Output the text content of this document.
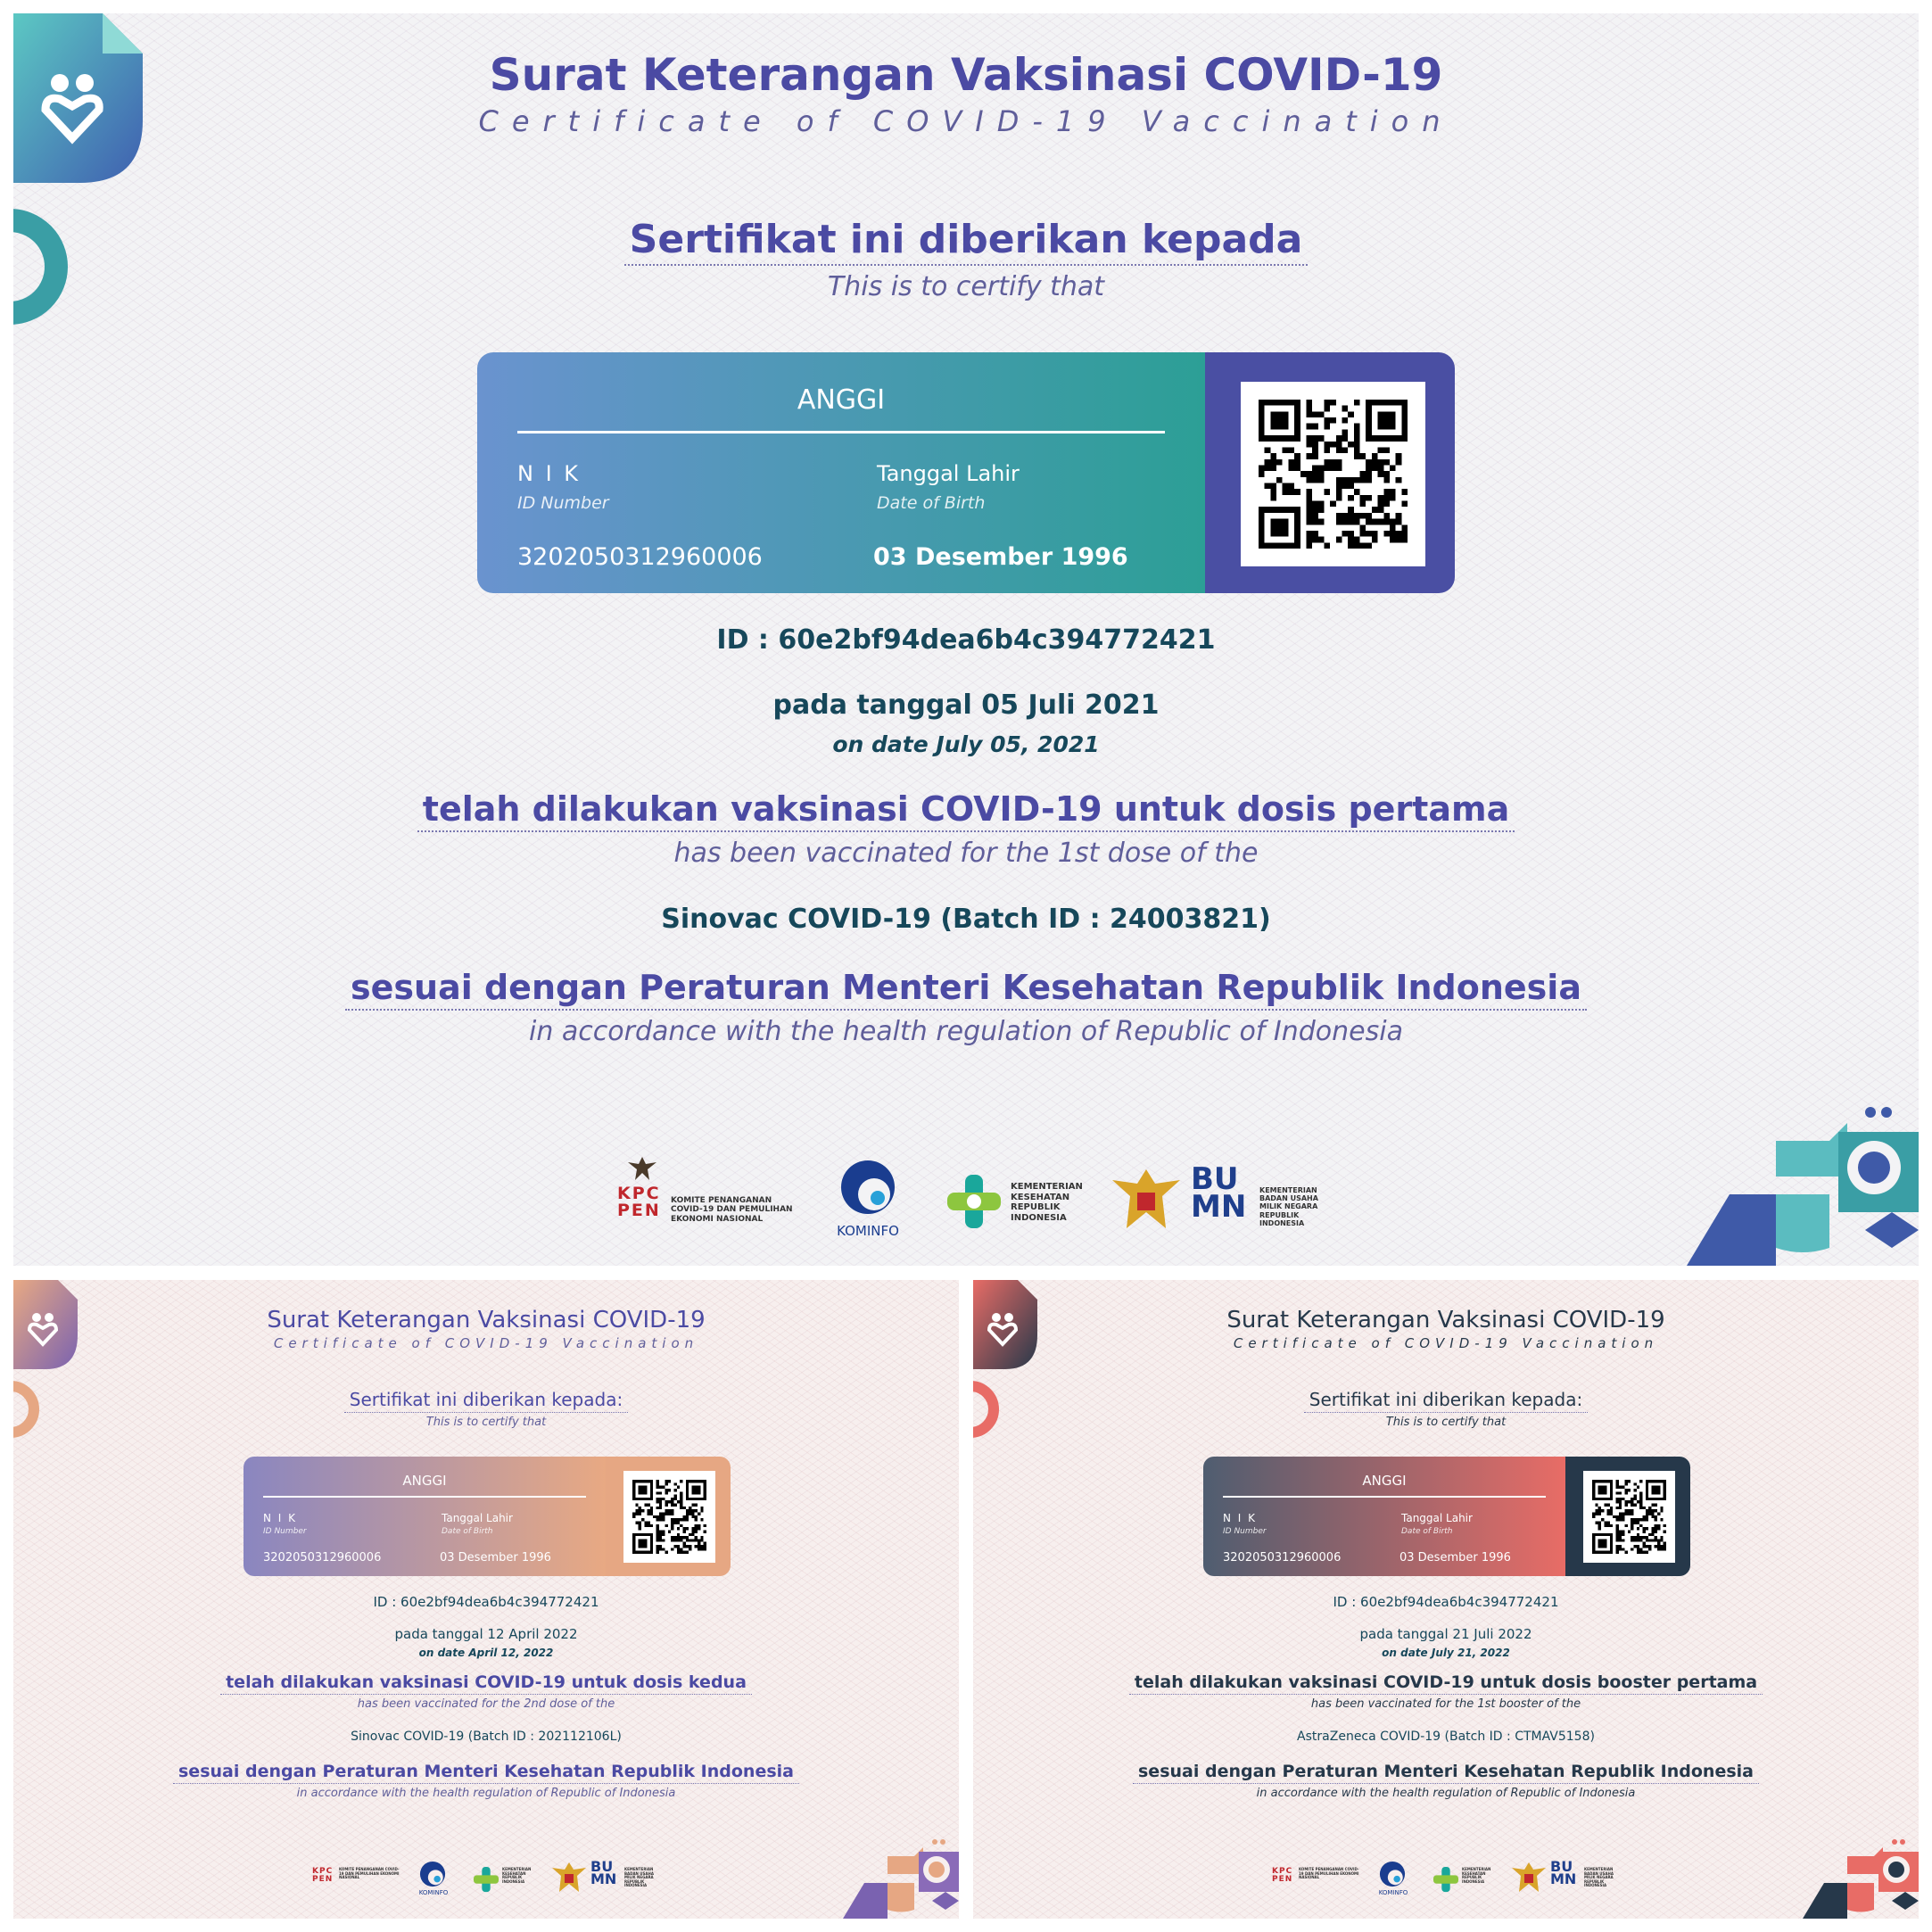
Surat Keterangan Vaksinasi COVID-19
Certificate of COVID-19 Vaccination
Sertifikat ini diberikan kepada
This is to certify that
ANGGI
N I K
ID Number
3202050312960006
Tanggal Lahir
Date of Birth
03 Desember 1996
ID : 60e2bf94dea6b4c394772421
pada tanggal 05 Juli 2021
on date July 05, 2021
telah dilakukan vaksinasi COVID-19 untuk dosis pertama
has been vaccinated for the 1st dose of the
Sinovac COVID-19 (Batch ID : 24003821)
sesuai dengan Peraturan Menteri Kesehatan Republik Indonesia
in accordance with the health regulation of Republic of Indonesia
KPC PEN	KOMITE PENANGANAN COVID-19 DAN PEMULIHAN EKONOMI NASIONAL
KOMINFO
KEMENTERIAN KESEHATAN REPUBLIK INDONESIA
BUMN	KEMENTERIAN BADAN USAHA MILIK NEGARA REPUBLIK INDONESIA
Surat Keterangan Vaksinasi COVID-19
Certificate of COVID-19 Vaccination
Sertifikat ini diberikan kepada:
This is to certify that
ANGGI
N I K
ID Number
3202050312960006
Tanggal Lahir
Date of Birth
03 Desember 1996
ID : 60e2bf94dea6b4c394772421
pada tanggal 12 April 2022
on date April 12, 2022
telah dilakukan vaksinasi COVID-19 untuk dosis kedua
has been vaccinated for the 2nd dose of the
Sinovac COVID-19 (Batch ID : 202112106L)
sesuai dengan Peraturan Menteri Kesehatan Republik Indonesia
in accordance with the health regulation of Republic of Indonesia
KPC PEN
KOMITE PENANGANAN COVID-19 DAN PEMULIHAN EKONOMI NASIONAL
KOMINFO
KEMENTERIAN KESEHATAN REPUBLIK INDONESIA
BUMN
KEMENTERIAN BADAN USAHA MILIK NEGARA REPUBLIK INDONESIA
Surat Keterangan Vaksinasi COVID-19
Certificate of COVID-19 Vaccination
Sertifikat ini diberikan kepada:
This is to certify that
ANGGI
N I K
ID Number
3202050312960006
Tanggal Lahir
Date of Birth
03 Desember 1996
ID : 60e2bf94dea6b4c394772421
pada tanggal 21 Juli 2022
on date July 21, 2022
telah dilakukan vaksinasi COVID-19 untuk dosis booster pertama
has been vaccinated for the 1st booster of the
AstraZeneca COVID-19 (Batch ID : CTMAV5158)
sesuai dengan Peraturan Menteri Kesehatan Republik Indonesia
in accordance with the health regulation of Republic of Indonesia
KPC PEN
KOMITE PENANGANAN COVID-19 DAN PEMULIHAN EKONOMI NASIONAL
KOMINFO
KEMENTERIAN KESEHATAN REPUBLIK INDONESIA
BUMN
KEMENTERIAN BADAN USAHA MILIK NEGARA REPUBLIK INDONESIA
